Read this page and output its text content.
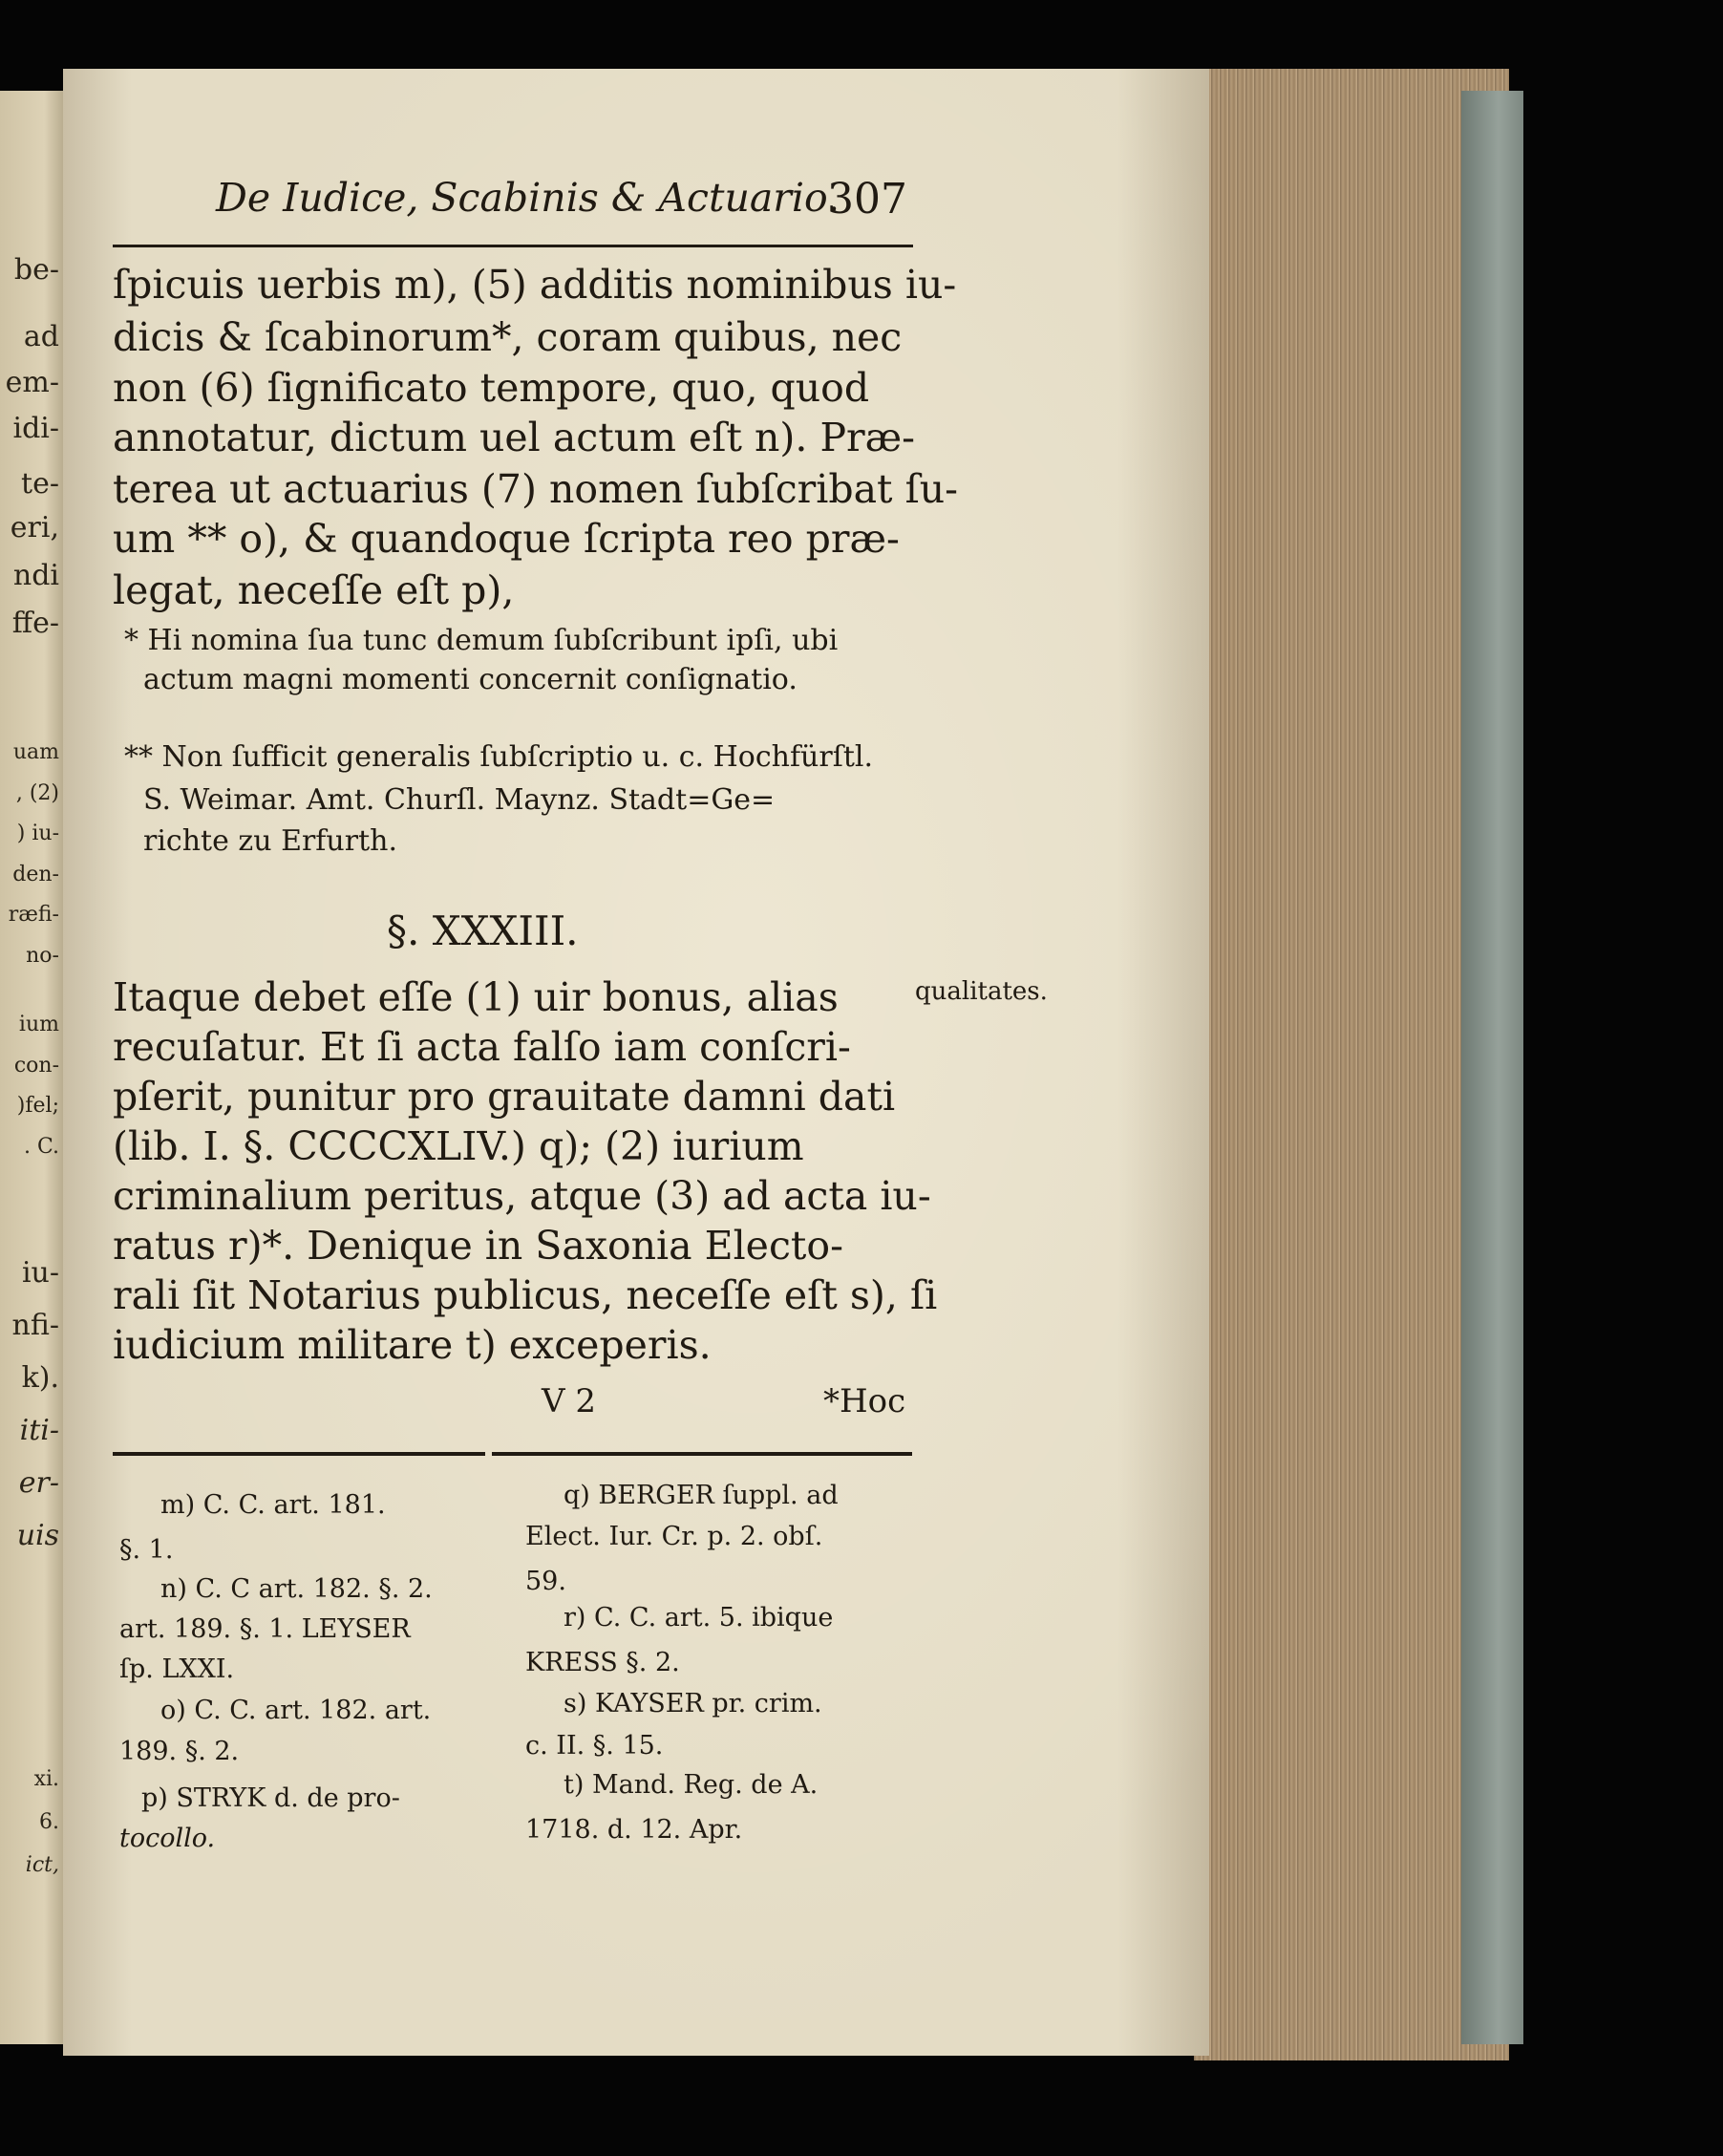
be-
ad
em-
idi-
te-
eri,
ndi
ffe-
uam
, (2)
) iu-
den-
ræfi-
no-
ium
con-
)fel;
. C.
iu-
nfi-
k).
iti-
er-
uis
xi.
6.
ict,
De Iudice, Scabinis & Actuario.
307
ſpicuis uerbis m), (5) additis nominibus iu-
dicis & ſcabinorum*, coram quibus, nec
non (6) ſignificato tempore, quo, quod
annotatur, dictum uel actum eſt n). Præ-
terea ut actuarius (7) nomen ſubſcribat ſu-
um ** o), & quandoque ſcripta reo præ-
legat, neceſſe eſt p),
* Hi nomina ſua tunc demum ſubſcribunt ipſi, ubi
actum magni momenti concernit conſignatio.
** Non ſufficit generalis ſubſcriptio u. c. Hochfürſtl.
S. Weimar. Amt. Churſl. Maynz. Stadt=Ge=
richte zu Erfurth.
§. XXXIII.
qualitates.
Itaque debet eſſe (1) uir bonus, alias
recuſatur. Et ſi acta falſo iam conſcri-
pſerit, punitur pro grauitate damni dati
(lib. I. §. CCCCXLIV.) q); (2) iurium
criminalium peritus, atque (3) ad acta iu-
ratus r)*. Denique in Saxonia Electo-
rali ſit Notarius publicus, neceſſe eſt s), ſi
iudicium militare t) exceperis.
V 2	*Hoc
m) C. C. art. 181.
§. 1.
n) C. C art. 182. §. 2.
art. 189. §. 1. LEYSER
ſp. LXXI.
o) C. C. art. 182. art.
189. §. 2.
p) STRYK d. de pro-
tocollo.
q) BERGER ſuppl. ad
Elect. Iur. Cr. p. 2. obſ.
59.
r) C. C. art. 5. ibique
KRESS §. 2.
s) KAYSER pr. crim.
c. II. §. 15.
t) Mand. Reg. de A.
1718. d. 12. Apr.
